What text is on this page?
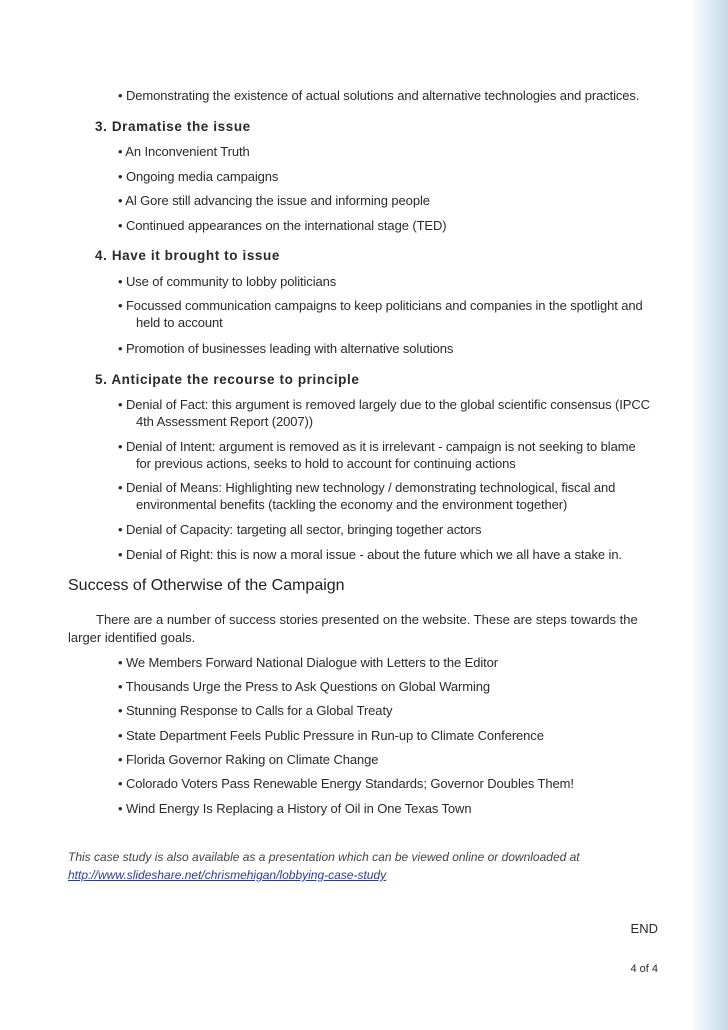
• Demonstrating the existence of actual solutions and alternative technologies and practices.

3. Dramatise the issue

• An Inconvenient Truth

• Ongoing media campaigns

• Al Gore still advancing the issue and informing people

• Continued appearances on the international stage (TED)

4. Have it brought to issue

• Use of community to lobby politicians

• Focussed communication campaigns to keep politicians and companies in the spotlight and
held to account

• Promotion of businesses leading with alternative solutions

5. Anticipate the recourse to principle

• Denial of Fact: this argument is removed largely due to the global scientific consensus (IPCC
4th Assessment Report (2007))

• Denial of Intent: argument is removed as it is irrelevant - campaign is not seeking to blame
for previous actions, seeks to hold to account for continuing actions

• Denial of Means: Highlighting new technology / demonstrating technological, fiscal and
environmental benefits (tackling the economy and the environment together)

• Denial of Capacity: targeting all sector, bringing together actors

• Denial of Right: this is now a moral issue - about the future which we all have a stake in.

Success of Otherwise of the Campaign

There are a number of success stories presented on the website. These are steps towards the larger identified goals.

• We Members Forward National Dialogue with Letters to the Editor

• Thousands Urge the Press to Ask Questions on Global Warming

• Stunning Response to Calls for a Global Treaty

• State Department Feels Public Pressure in Run-up to Climate Conference

• Florida Governor Raking on Climate Change

• Colorado Voters Pass Renewable Energy Standards; Governor Doubles Them!

• Wind Energy Is Replacing a History of Oil in One Texas Town

This case study is also available as a presentation which can be viewed online or downloaded at http://www.slideshare.net/chrismehigan/lobbying-case-study

END

4 of 4
